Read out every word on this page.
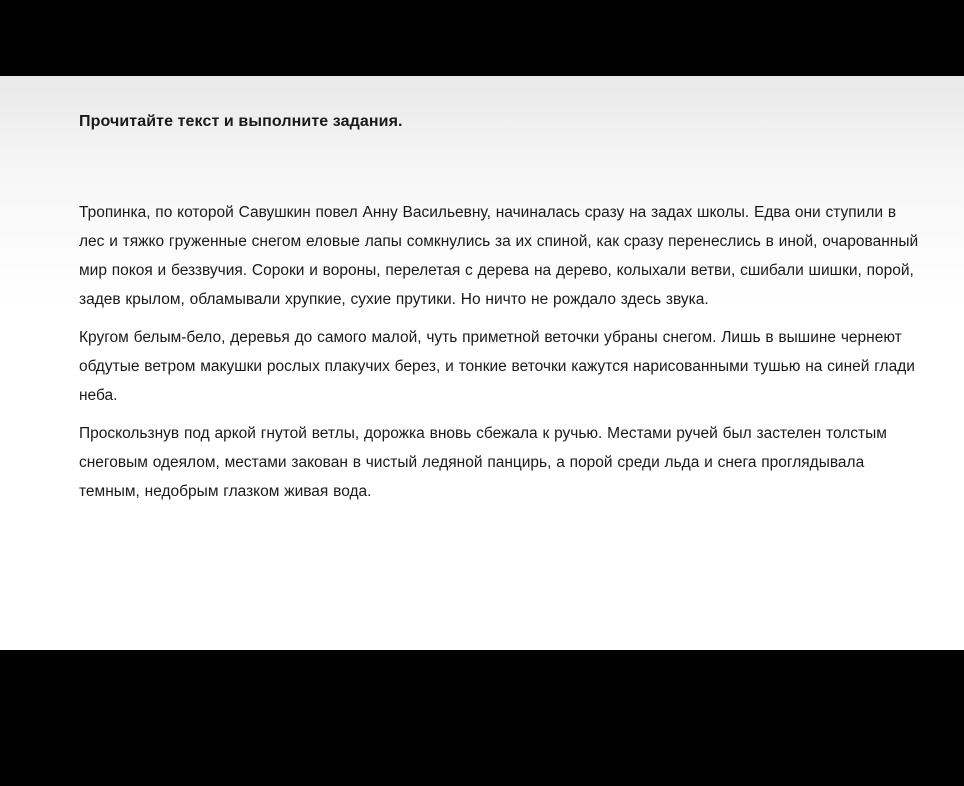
Прочитайте текст и выполните задания.

Тропинка, по которой Савушкин повел Анну Васильевну, начиналась сразу на задах школы. Едва они ступили в лес и тяжко груженные снегом еловые лапы сомкнулись за их спиной, как сразу перенеслись в иной, очарованный мир покоя и беззвучия. Сороки и вороны, перелетая с дерева на дерево, колыхали ветви, сшибали шишки, порой, задев крылом, обламывали хрупкие, сухие прутики. Но ничто не рождало здесь звука.

Кругом белым-бело, деревья до самого малой, чуть приметной веточки убраны снегом. Лишь в вышине чернеют обдутые ветром макушки рослых плакучих берез, и тонкие веточки кажутся нарисованными тушью на синей глади неба.

Проскользнув под аркой гнутой ветлы, дорожка вновь сбежала к ручью. Местами ручей был застелен толстым снеговым одеялом, местами закован в чистый ледяной панцирь, а порой среди льда и снега проглядывала темным, недобрым глазком живая вода.
